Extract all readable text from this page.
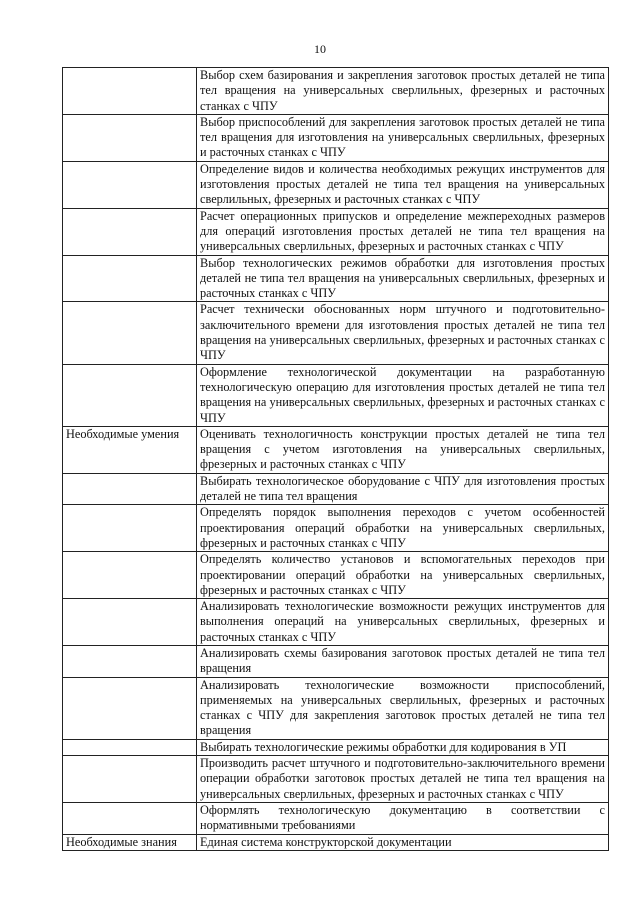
10
	Выбор схем базирования и закрепления заготовок простых деталей не типа тел вращения на универсальных сверлильных, фрезерных и расточных станках с ЧПУ
	Выбор приспособлений для закрепления заготовок простых деталей не типа тел вращения для изготовления на универсальных сверлильных, фрезерных и расточных станках с ЧПУ
	Определение видов и количества необходимых режущих инструментов для изготовления простых деталей не типа тел вращения на универсальных сверлильных, фрезерных и расточных станках с ЧПУ
	Расчет операционных припусков и определение межпереходных размеров для операций изготовления простых деталей не типа тел вращения на универсальных сверлильных, фрезерных и расточных станках с ЧПУ
	Выбор технологических режимов обработки для изготовления простых деталей не типа тел вращения на универсальных сверлильных, фрезерных и расточных станках с ЧПУ
	Расчет технически обоснованных норм штучного и подготовительно-заключительного времени для изготовления простых деталей не типа тел вращения на универсальных сверлильных, фрезерных и расточных станках с ЧПУ
	Оформление технологической документации на разработанную технологическую операцию для изготовления простых деталей не типа тел вращения на универсальных сверлильных, фрезерных и расточных станках с ЧПУ
Необходимые умения	Оценивать технологичность конструкции простых деталей не типа тел вращения с учетом изготовления на универсальных сверлильных, фрезерных и расточных станках с ЧПУ
	Выбирать технологическое оборудование с ЧПУ для изготовления простых деталей не типа тел вращения
	Определять порядок выполнения переходов с учетом особенностей проектирования операций обработки на универсальных сверлильных, фрезерных и расточных станках с ЧПУ
	Определять количество установов и вспомогательных переходов при проектировании операций обработки на универсальных сверлильных, фрезерных и расточных станках с ЧПУ
	Анализировать технологические возможности режущих инструментов для выполнения операций на универсальных сверлильных, фрезерных и расточных станках с ЧПУ
	Анализировать схемы базирования заготовок простых деталей не типа тел вращения
	Анализировать технологические возможности приспособлений, применяемых на универсальных сверлильных, фрезерных и расточных станках с ЧПУ для закрепления заготовок простых деталей не типа тел вращения
	Выбирать технологические режимы обработки для кодирования в УП
	Производить расчет штучного и подготовительно-заключительного времени операции обработки заготовок простых деталей не типа тел вращения на универсальных сверлильных, фрезерных и расточных станках с ЧПУ
	Оформлять технологическую документацию в соответствии с нормативными требованиями
Необходимые знания	Единая система конструкторской документации
